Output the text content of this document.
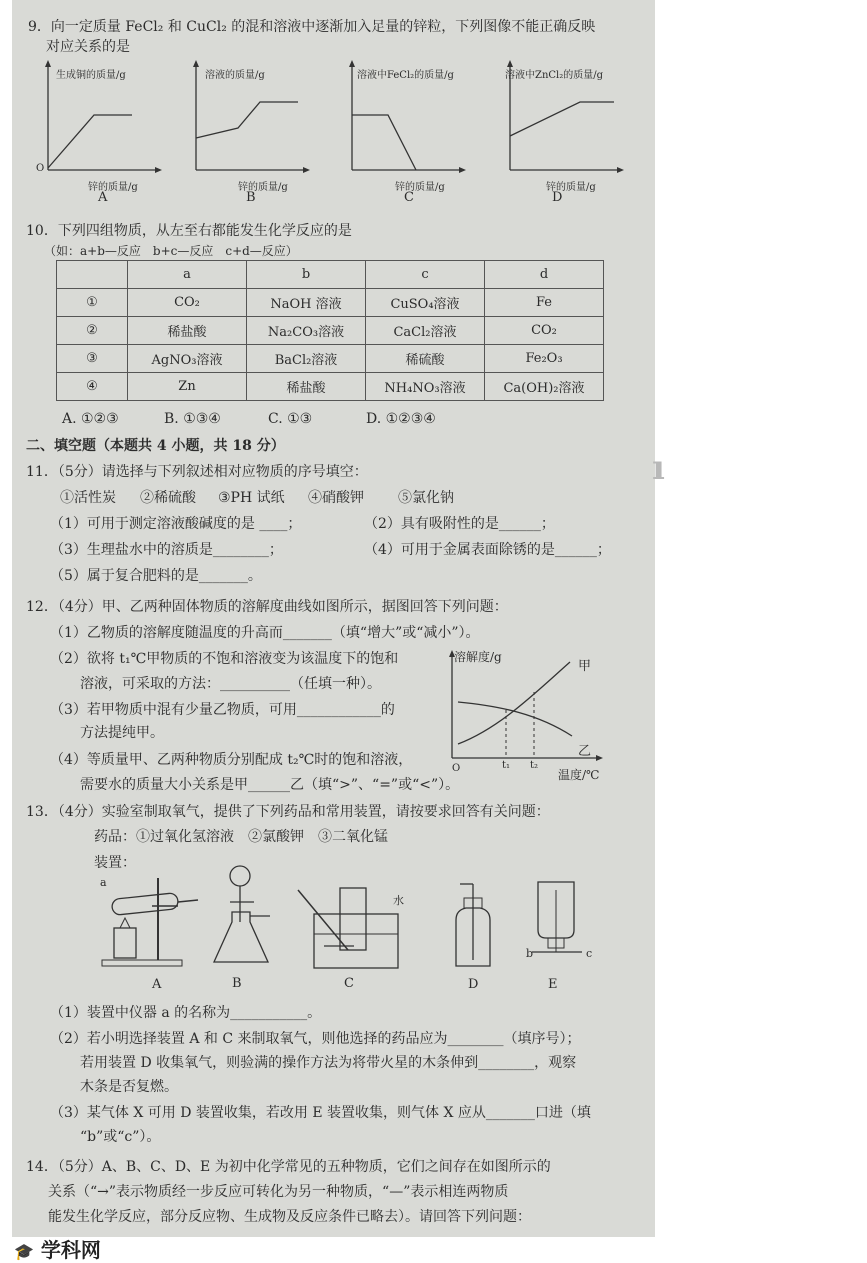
9．向一定质量 FeCl₂ 和 CuCl₂ 的混和溶液中逐渐加入足量的锌粒，下列图像不能正确反映
对应关系的是
生成铜的质量/g
O
锌的质量/g
A
溶液的质量/g
锌的质量/g
B
溶液中FeCl₂的质量/g
锌的质量/g
C
溶液中ZnCl₂的质量/g
锌的质量/g
D
10．下列四组物质，从左至右都能发生化学反应的是
（如：a+b—反应　b+c—反应　c+d—反应）
	a	b	c	d
①	CO₂	NaOH 溶液	CuSO₄溶液	Fe
②	稀盐酸	Na₂CO₃溶液	CaCl₂溶液	CO₂
③	AgNO₃溶液	BaCl₂溶液	稀硫酸	Fe₂O₃
④	Zn	稀盐酸	NH₄NO₃溶液	Ca(OH)₂溶液
A. ①②③	B. ①③④	C. ①③	D. ①②③④
二、填空题（本题共 4 小题，共 18 分）
11．（5分）请选择与下列叙述相对应物质的序号填空：
①活性炭 ②稀硫酸 ③PH 试纸 ④硝酸钾 ⑤氯化钠
（1）可用于测定溶液酸碱度的是 ____；	（2）具有吸附性的是______；
（3）生理盐水中的溶质是________；	（4）可用于金属表面除锈的是______；
（5）属于复合肥料的是_______。
12．（4分）甲、乙两种固体物质的溶解度曲线如图所示，据图回答下列问题：
（1）乙物质的溶解度随温度的升高而_______（填“增大”或“减小”）。
（2）欲将 t₁℃甲物质的不饱和溶液变为该温度下的饱和
溶液，可采取的方法：__________（任填一种）。
（3）若甲物质中混有少量乙物质，可用____________的
方法提纯甲。
（4）等质量甲、乙两种物质分别配成 t₂℃时的饱和溶液，
需要水的质量大小关系是甲______乙（填“>”、“=”或“<”）。
溶解度/g
甲
乙
t₁ t₂
O	温度/℃
13．（4分）实验室制取氧气，提供了下列药品和常用装置，请按要求回答有关问题：
药品：①过氧化氢溶液　②氯酸钾　③二氧化锰
装置：
a
水
b	c
A	B	C	D	E
（1）装置中仪器 a 的名称为___________。
（2）若小明选择装置 A 和 C 来制取氧气，则他选择的药品应为________（填序号）；
若用装置 D 收集氧气，则验满的操作方法为将带火星的木条伸到________，观察
木条是否复燃。
（3）某气体 X 可用 D 装置收集，若改用 E 装置收集，则气体 X 应从_______口进（填
“b”或“c”）。
14．（5分）A、B、C、D、E 为初中化学常见的五种物质，它们之间存在如图所示的
关系（“→”表示物质经一步反应可转化为另一种物质，“—”表示相连两物质
能发生化学反应，部分反应物、生成物及反应条件已略去）。请回答下列问题：
ı
🎓 学科网
